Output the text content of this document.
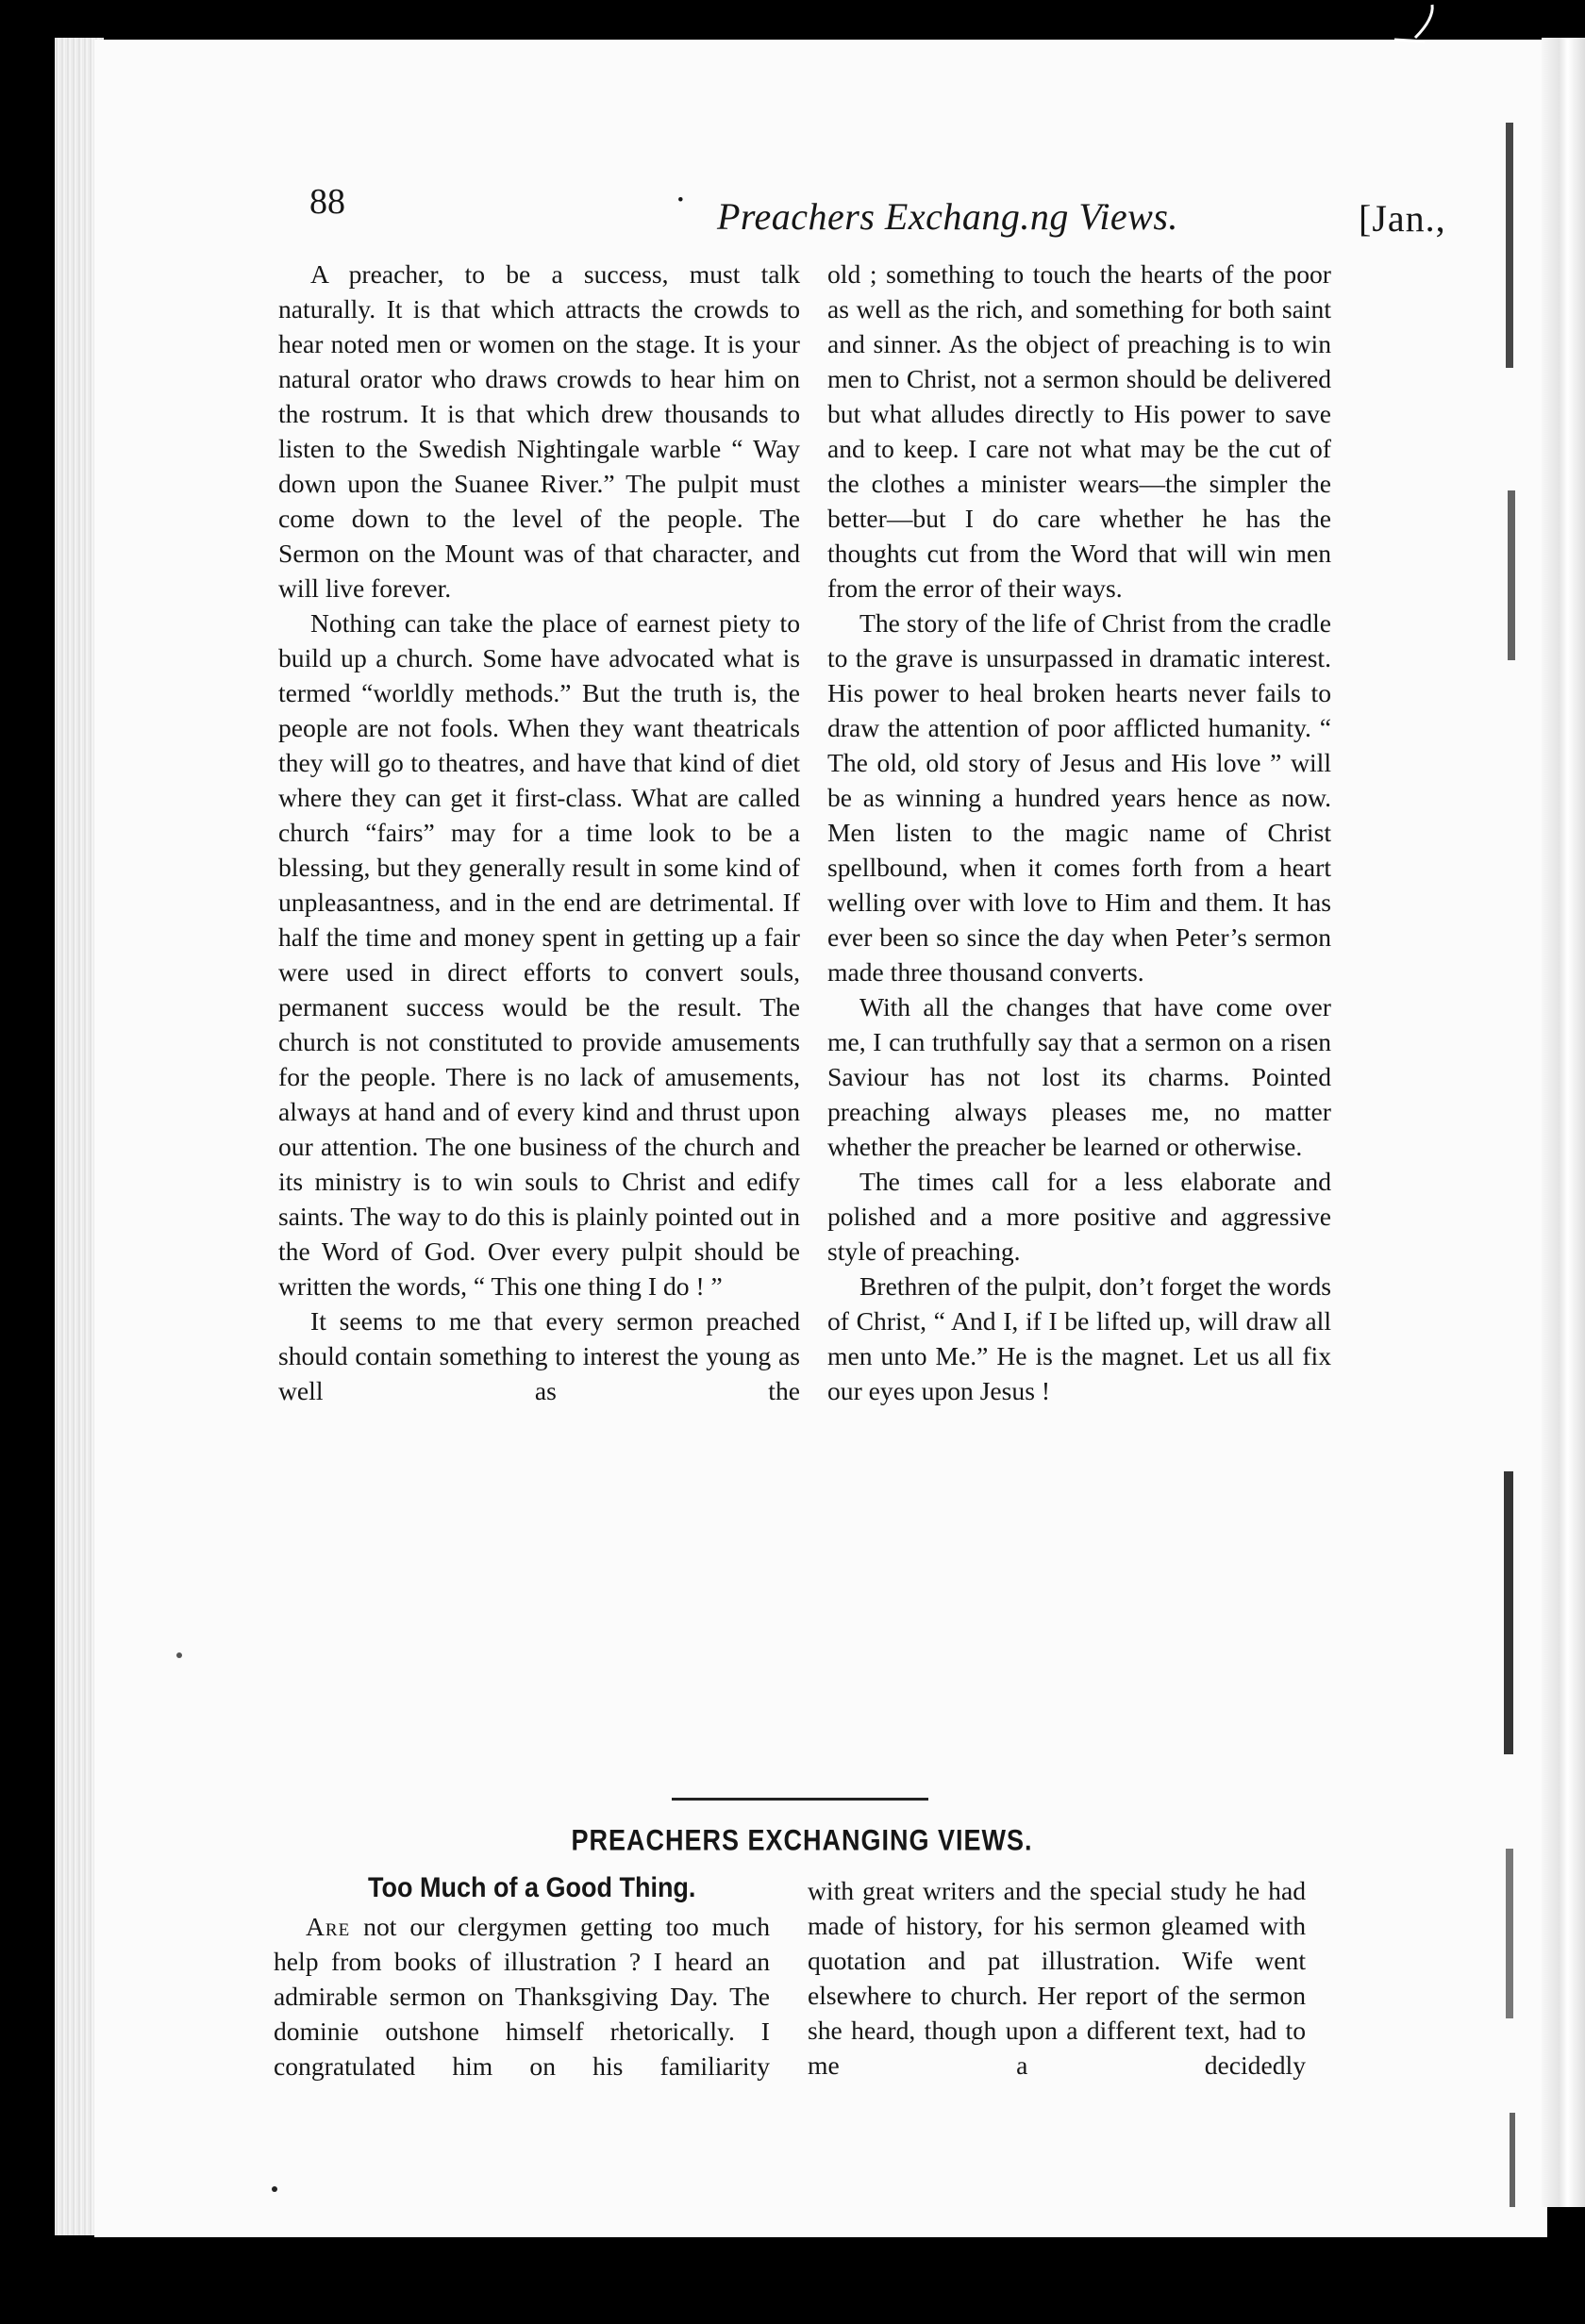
88	· Preachers Exchang.ng Views.	[Jan.,

A preacher, to be a success, must talk naturally. It is that which attracts the crowds to hear noted men or women on the stage. It is your natural orator who draws crowds to hear him on the rostrum. It is that which drew thousands to listen to the Swedish Nightingale warble “ Way down upon the Suanee River.” The pulpit must come down to the level of the people. The Sermon on the Mount was of that character, and will live forever.

Nothing can take the place of earnest piety to build up a church. Some have advocated what is termed “worldly methods.” But the truth is, the people are not fools. When they want theatricals they will go to theatres, and have that kind of diet where they can get it first-class. What are called church “fairs” may for a time look to be a blessing, but they generally result in some kind of unpleasantness, and in the end are detrimental. If half the time and money spent in getting up a fair were used in direct efforts to convert souls, permanent success would be the result. The church is not constituted to provide amusements for the people. There is no lack of amusements, always at hand and of every kind and thrust upon our attention. The one business of the church and its ministry is to win souls to Christ and edify saints. The way to do this is plainly pointed out in the Word of God. Over every pulpit should be written the words, “ This one thing I do ! ”

It seems to me that every sermon preached should contain something to interest the young as well as the

old ; something to touch the hearts of the poor as well as the rich, and something for both saint and sinner. As the object of preaching is to win men to Christ, not a sermon should be delivered but what alludes directly to His power to save and to keep. I care not what may be the cut of the clothes a minister wears—the simpler the better—but I do care whether he has the thoughts cut from the Word that will win men from the error of their ways.

The story of the life of Christ from the cradle to the grave is unsurpassed in dramatic interest. His power to heal broken hearts never fails to draw the attention of poor afflicted humanity. “ The old, old story of Jesus and His love ” will be as winning a hundred years hence as now. Men listen to the magic name of Christ spellbound, when it comes forth from a heart welling over with love to Him and them. It has ever been so since the day when Peter’s sermon made three thousand converts.

With all the changes that have come over me, I can truthfully say that a sermon on a risen Saviour has not lost its charms. Pointed preaching always pleases me, no matter whether the preacher be learned or otherwise.

The times call for a less elaborate and polished and a more positive and aggressive style of preaching.

Brethren of the pulpit, don’t forget the words of Christ, “ And I, if I be lifted up, will draw all men unto Me.” He is the magnet. Let us all fix our eyes upon Jesus !

PREACHERS EXCHANGING VIEWS.
Too Much of a Good Thing.

Are not our clergymen getting too much help from books of illustration ? I heard an admirable sermon on Thanksgiving Day. The dominie outshone himself rhetorically. I congratulated him on his familiarity

with great writers and the special study he had made of history, for his sermon gleamed with quotation and pat illustration. Wife went elsewhere to church. Her report of the sermon she heard, though upon a different text, had to me a decidedly
